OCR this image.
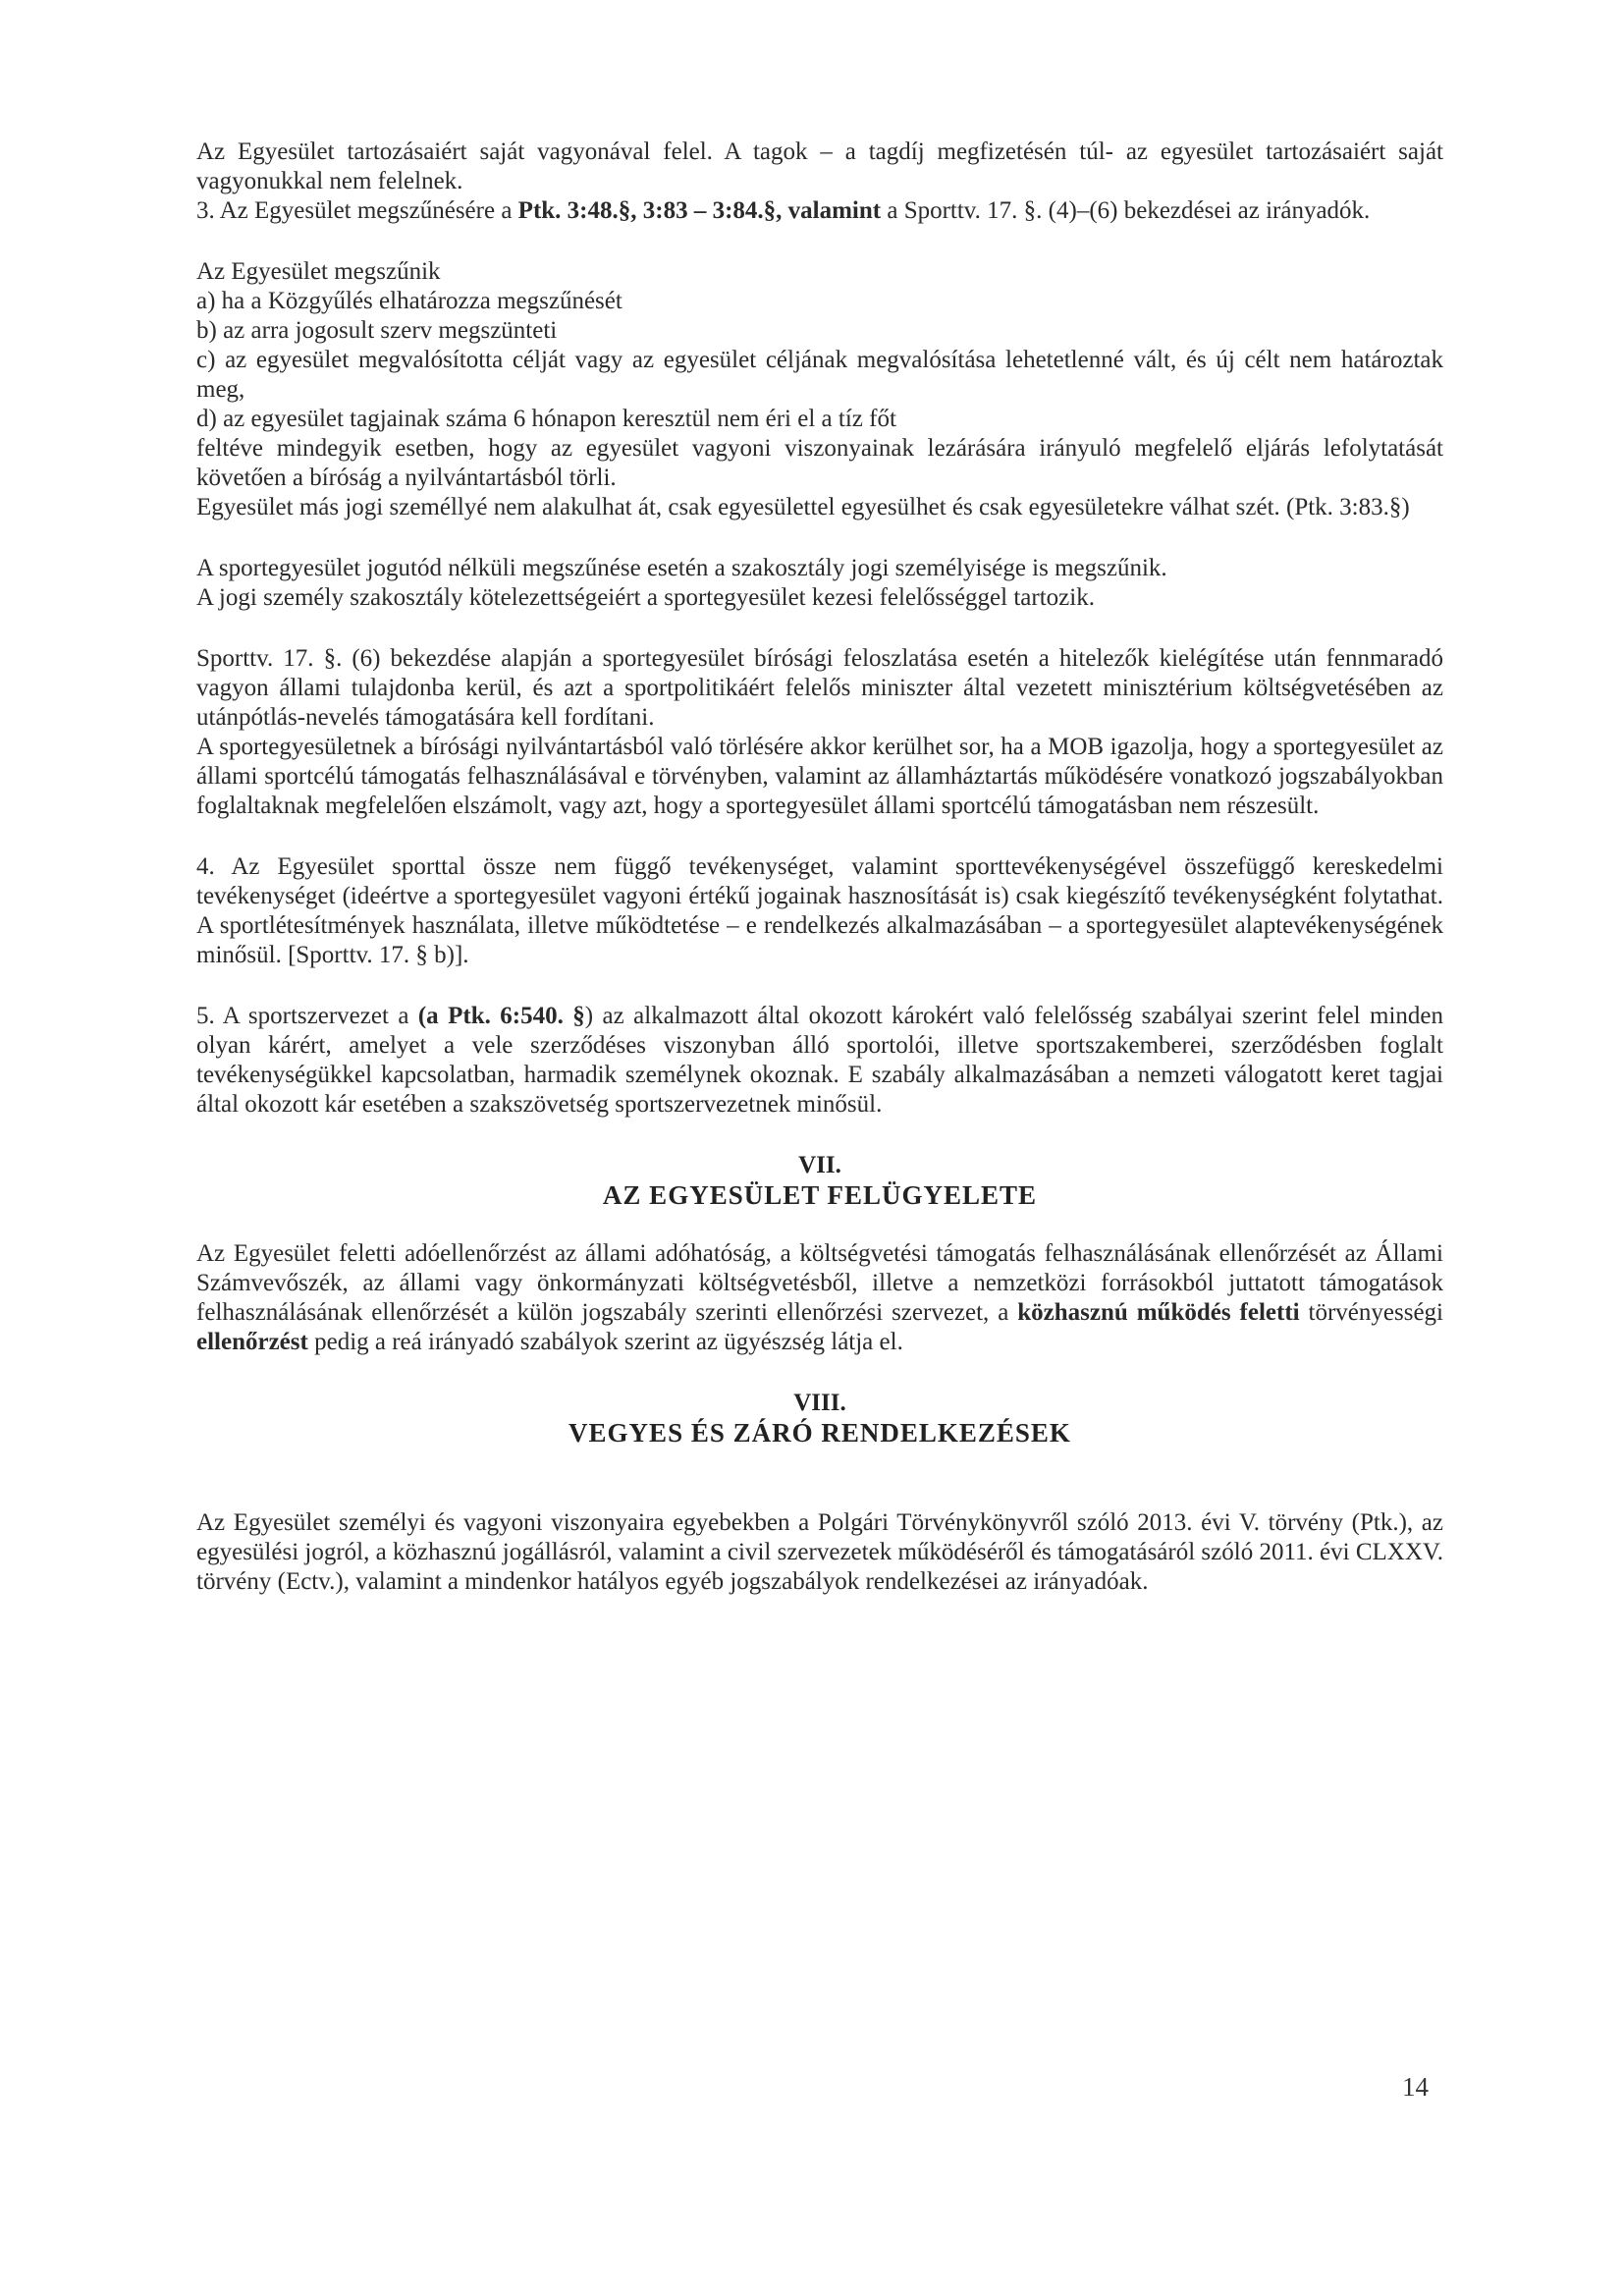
Az Egyesület tartozásaiért saját vagyonával felel. A tagok – a tagdíj megfizetésén túl- az egyesület tartozásaiért saját vagyonukkal nem felelnek.

3. Az Egyesület megszűnésére a Ptk. 3:48.§, 3:83 – 3:84.§, valamint a Sporttv. 17. §. (4)–(6) bekezdései az irányadók.

Az Egyesület megszűnik

a) ha a Közgyűlés elhatározza megszűnését

b) az arra jogosult szerv megszünteti

c) az egyesület megvalósította célját vagy az egyesület céljának megvalósítása lehetetlenné vált, és új célt nem határoztak meg,

d) az egyesület tagjainak száma 6 hónapon keresztül nem éri el a tíz főt

feltéve mindegyik esetben, hogy az egyesület vagyoni viszonyainak lezárására irányuló megfelelő eljárás lefolytatását követően a bíróság a nyilvántartásból törli.

Egyesület más jogi személlyé nem alakulhat át, csak egyesülettel egyesülhet és csak egyesületekre válhat szét. (Ptk. 3:83.§)

A sportegyesület jogutód nélküli megszűnése esetén a szakosztály jogi személyisége is megszűnik.

A jogi személy szakosztály kötelezettségeiért a sportegyesület kezesi felelősséggel tartozik.

Sporttv. 17. §. (6) bekezdése alapján a sportegyesület bírósági feloszlatása esetén a hitelezők kielégítése után fennmaradó vagyon állami tulajdonba kerül, és azt a sportpolitikáért felelős miniszter által vezetett minisztérium költségvetésében az utánpótlás-nevelés támogatására kell fordítani.

A sportegyesületnek a bírósági nyilvántartásból való törlésére akkor kerülhet sor, ha a MOB igazolja, hogy a sportegyesület az állami sportcélú támogatás felhasználásával e törvényben, valamint az államháztartás működésére vonatkozó jogszabályokban foglaltaknak megfelelően elszámolt, vagy azt, hogy a sportegyesület állami sportcélú támogatásban nem részesült.

4. Az Egyesület sporttal össze nem függő tevékenységet, valamint sporttevékenységével összefüggő kereskedelmi tevékenységet (ideértve a sportegyesület vagyoni értékű jogainak hasznosítását is) csak kiegészítő tevékenységként folytathat. A sportlétesítmények használata, illetve működtetése – e rendelkezés alkalmazásában – a sportegyesület alaptevékenységének minősül. [Sporttv. 17. § b)].

5. A sportszervezet a (a Ptk. 6:540. §) az alkalmazott által okozott károkért való felelősség szabályai szerint felel minden olyan kárért, amelyet a vele szerződéses viszonyban álló sportolói, illetve sportszakemberei, szerződésben foglalt tevékenységükkel kapcsolatban, harmadik személynek okoznak. E szabály alkalmazásában a nemzeti válogatott keret tagjai által okozott kár esetében a szakszövetség sportszervezetnek minősül.

VII.
AZ EGYESÜLET FELÜGYELETE

Az Egyesület feletti adóellenőrzést az állami adóhatóság, a költségvetési támogatás felhasználásának ellenőrzését az Állami Számvevőszék, az állami vagy önkormányzati költségvetésből, illetve a nemzetközi forrásokból juttatott támogatások felhasználásának ellenőrzését a külön jogszabály szerinti ellenőrzési szervezet, a közhasznú működés feletti törvényességi ellenőrzést pedig a reá irányadó szabályok szerint az ügyészség látja el.

VIII.
VEGYES ÉS ZÁRÓ RENDELKEZÉSEK

Az Egyesület személyi és vagyoni viszonyaira egyebekben a Polgári Törvénykönyvről szóló 2013. évi V. törvény (Ptk.), az egyesülési jogról, a közhasznú jogállásról, valamint a civil szervezetek működéséről és támogatásáról szóló 2011. évi CLXXV. törvény (Ectv.), valamint a mindenkor hatályos egyéb jogszabályok rendelkezései az irányadóak.

14
